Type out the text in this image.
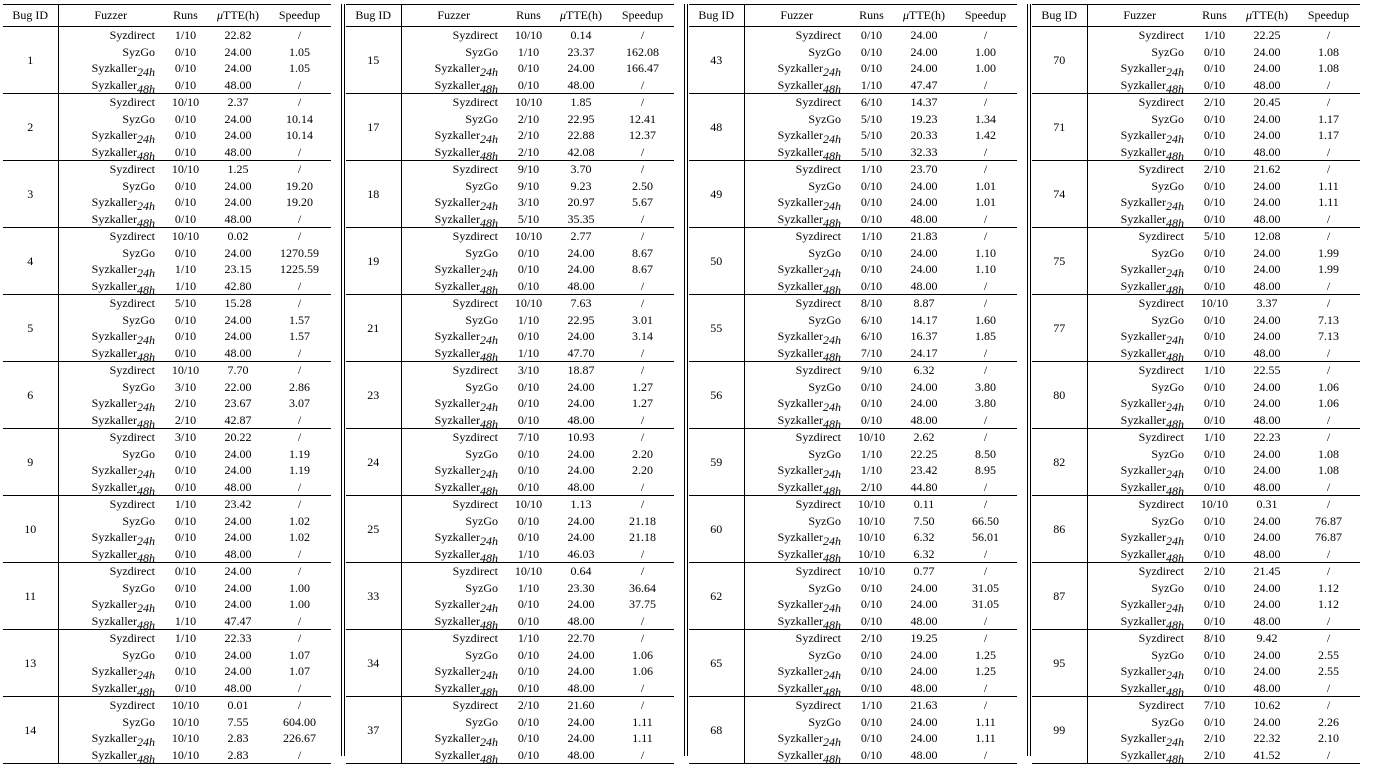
Bug ID	Fuzzer	Runs	μTTE(h)	Speedup
1	Syzdirect	1/10	22.82	/
	SyzGo	0/10	24.00	1.05
	Syzkaller24h	0/10	24.00	1.05
	Syzkaller48h	0/10	48.00	/
2	Syzdirect	10/10	2.37	/
	SyzGo	0/10	24.00	10.14
	Syzkaller24h	0/10	24.00	10.14
	Syzkaller48h	0/10	48.00	/
3	Syzdirect	10/10	1.25	/
	SyzGo	0/10	24.00	19.20
	Syzkaller24h	0/10	24.00	19.20
	Syzkaller48h	0/10	48.00	/
4	Syzdirect	10/10	0.02	/
	SyzGo	0/10	24.00	1270.59
	Syzkaller24h	1/10	23.15	1225.59
	Syzkaller48h	1/10	42.80	/
5	Syzdirect	5/10	15.28	/
	SyzGo	0/10	24.00	1.57
	Syzkaller24h	0/10	24.00	1.57
	Syzkaller48h	0/10	48.00	/
6	Syzdirect	10/10	7.70	/
	SyzGo	3/10	22.00	2.86
	Syzkaller24h	2/10	23.67	3.07
	Syzkaller48h	2/10	42.87	/
9	Syzdirect	3/10	20.22	/
	SyzGo	0/10	24.00	1.19
	Syzkaller24h	0/10	24.00	1.19
	Syzkaller48h	0/10	48.00	/
10	Syzdirect	1/10	23.42	/
	SyzGo	0/10	24.00	1.02
	Syzkaller24h	0/10	24.00	1.02
	Syzkaller48h	0/10	48.00	/
11	Syzdirect	0/10	24.00	/
	SyzGo	0/10	24.00	1.00
	Syzkaller24h	0/10	24.00	1.00
	Syzkaller48h	1/10	47.47	/
13	Syzdirect	1/10	22.33	/
	SyzGo	0/10	24.00	1.07
	Syzkaller24h	0/10	24.00	1.07
	Syzkaller48h	0/10	48.00	/
14	Syzdirect	10/10	0.01	/
	SyzGo	10/10	7.55	604.00
	Syzkaller24h	10/10	2.83	226.67
	Syzkaller48h	10/10	2.83	/
Bug ID	Fuzzer	Runs	μTTE(h)	Speedup
15	Syzdirect	10/10	0.14	/
	SyzGo	1/10	23.37	162.08
	Syzkaller24h	0/10	24.00	166.47
	Syzkaller48h	0/10	48.00	/
17	Syzdirect	10/10	1.85	/
	SyzGo	2/10	22.95	12.41
	Syzkaller24h	2/10	22.88	12.37
	Syzkaller48h	2/10	42.08	/
18	Syzdirect	9/10	3.70	/
	SyzGo	9/10	9.23	2.50
	Syzkaller24h	3/10	20.97	5.67
	Syzkaller48h	5/10	35.35	/
19	Syzdirect	10/10	2.77	/
	SyzGo	0/10	24.00	8.67
	Syzkaller24h	0/10	24.00	8.67
	Syzkaller48h	0/10	48.00	/
21	Syzdirect	10/10	7.63	/
	SyzGo	1/10	22.95	3.01
	Syzkaller24h	0/10	24.00	3.14
	Syzkaller48h	1/10	47.70	/
23	Syzdirect	3/10	18.87	/
	SyzGo	0/10	24.00	1.27
	Syzkaller24h	0/10	24.00	1.27
	Syzkaller48h	0/10	48.00	/
24	Syzdirect	7/10	10.93	/
	SyzGo	0/10	24.00	2.20
	Syzkaller24h	0/10	24.00	2.20
	Syzkaller48h	0/10	48.00	/
25	Syzdirect	10/10	1.13	/
	SyzGo	0/10	24.00	21.18
	Syzkaller24h	0/10	24.00	21.18
	Syzkaller48h	1/10	46.03	/
33	Syzdirect	10/10	0.64	/
	SyzGo	1/10	23.30	36.64
	Syzkaller24h	0/10	24.00	37.75
	Syzkaller48h	0/10	48.00	/
34	Syzdirect	1/10	22.70	/
	SyzGo	0/10	24.00	1.06
	Syzkaller24h	0/10	24.00	1.06
	Syzkaller48h	0/10	48.00	/
37	Syzdirect	2/10	21.60	/
	SyzGo	0/10	24.00	1.11
	Syzkaller24h	0/10	24.00	1.11
	Syzkaller48h	0/10	48.00	/
Bug ID	Fuzzer	Runs	μTTE(h)	Speedup
43	Syzdirect	0/10	24.00	/
	SyzGo	0/10	24.00	1.00
	Syzkaller24h	0/10	24.00	1.00
	Syzkaller48h	1/10	47.47	/
48	Syzdirect	6/10	14.37	/
	SyzGo	5/10	19.23	1.34
	Syzkaller24h	5/10	20.33	1.42
	Syzkaller48h	5/10	32.33	/
49	Syzdirect	1/10	23.70	/
	SyzGo	0/10	24.00	1.01
	Syzkaller24h	0/10	24.00	1.01
	Syzkaller48h	0/10	48.00	/
50	Syzdirect	1/10	21.83	/
	SyzGo	0/10	24.00	1.10
	Syzkaller24h	0/10	24.00	1.10
	Syzkaller48h	0/10	48.00	/
55	Syzdirect	8/10	8.87	/
	SyzGo	6/10	14.17	1.60
	Syzkaller24h	6/10	16.37	1.85
	Syzkaller48h	7/10	24.17	/
56	Syzdirect	9/10	6.32	/
	SyzGo	0/10	24.00	3.80
	Syzkaller24h	0/10	24.00	3.80
	Syzkaller48h	0/10	48.00	/
59	Syzdirect	10/10	2.62	/
	SyzGo	1/10	22.25	8.50
	Syzkaller24h	1/10	23.42	8.95
	Syzkaller48h	2/10	44.80	/
60	Syzdirect	10/10	0.11	/
	SyzGo	10/10	7.50	66.50
	Syzkaller24h	10/10	6.32	56.01
	Syzkaller48h	10/10	6.32	/
62	Syzdirect	10/10	0.77	/
	SyzGo	0/10	24.00	31.05
	Syzkaller24h	0/10	24.00	31.05
	Syzkaller48h	0/10	48.00	/
65	Syzdirect	2/10	19.25	/
	SyzGo	0/10	24.00	1.25
	Syzkaller24h	0/10	24.00	1.25
	Syzkaller48h	0/10	48.00	/
68	Syzdirect	1/10	21.63	/
	SyzGo	0/10	24.00	1.11
	Syzkaller24h	0/10	24.00	1.11
	Syzkaller48h	0/10	48.00	/
Bug ID	Fuzzer	Runs	μTTE(h)	Speedup
70	Syzdirect	1/10	22.25	/
	SyzGo	0/10	24.00	1.08
	Syzkaller24h	0/10	24.00	1.08
	Syzkaller48h	0/10	48.00	/
71	Syzdirect	2/10	20.45	/
	SyzGo	0/10	24.00	1.17
	Syzkaller24h	0/10	24.00	1.17
	Syzkaller48h	0/10	48.00	/
74	Syzdirect	2/10	21.62	/
	SyzGo	0/10	24.00	1.11
	Syzkaller24h	0/10	24.00	1.11
	Syzkaller48h	0/10	48.00	/
75	Syzdirect	5/10	12.08	/
	SyzGo	0/10	24.00	1.99
	Syzkaller24h	0/10	24.00	1.99
	Syzkaller48h	0/10	48.00	/
77	Syzdirect	10/10	3.37	/
	SyzGo	0/10	24.00	7.13
	Syzkaller24h	0/10	24.00	7.13
	Syzkaller48h	0/10	48.00	/
80	Syzdirect	1/10	22.55	/
	SyzGo	0/10	24.00	1.06
	Syzkaller24h	0/10	24.00	1.06
	Syzkaller48h	0/10	48.00	/
82	Syzdirect	1/10	22.23	/
	SyzGo	0/10	24.00	1.08
	Syzkaller24h	0/10	24.00	1.08
	Syzkaller48h	0/10	48.00	/
86	Syzdirect	10/10	0.31	/
	SyzGo	0/10	24.00	76.87
	Syzkaller24h	0/10	24.00	76.87
	Syzkaller48h	0/10	48.00	/
87	Syzdirect	2/10	21.45	/
	SyzGo	0/10	24.00	1.12
	Syzkaller24h	0/10	24.00	1.12
	Syzkaller48h	0/10	48.00	/
95	Syzdirect	8/10	9.42	/
	SyzGo	0/10	24.00	2.55
	Syzkaller24h	0/10	24.00	2.55
	Syzkaller48h	0/10	48.00	/
99	Syzdirect	7/10	10.62	/
	SyzGo	0/10	24.00	2.26
	Syzkaller24h	2/10	22.32	2.10
	Syzkaller48h	2/10	41.52	/
